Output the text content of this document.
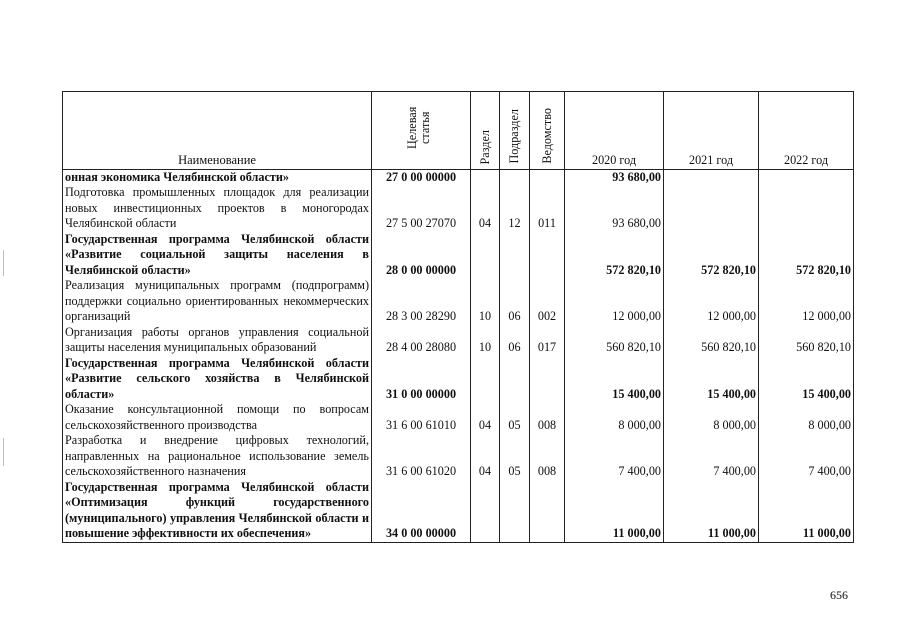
Наименование	Целевая статья	Раздел	Подраздел	Ведомство	2020 год	2021 год	2022 год
онная экономика Челябинской области»	27 0 00 00000				93 680,00		
Подготовка промышленных площадок для реализации новых инвестиционных проектов в моногородах Челябинской области	27 5 00 27070	04	12	011	93 680,00		
Государственная программа Челябинской области «Развитие социальной защиты населения в Челябинской области»	28 0 00 00000				572 820,10	572 820,10	572 820,10
Реализация муниципальных программ (подпрограмм) поддержки социально ориентированных некоммерческих организаций	28 3 00 28290	10	06	002	12 000,00	12 000,00	12 000,00
Организация работы органов управления социальной защиты населения муниципальных образований	28 4 00 28080	10	06	017	560 820,10	560 820,10	560 820,10
Государственная программа Челябинской области «Развитие сельского хозяйства в Челябинской области»	31 0 00 00000				15 400,00	15 400,00	15 400,00
Оказание консультационной помощи по вопросам сельскохозяйственного производства	31 6 00 61010	04	05	008	8 000,00	8 000,00	8 000,00
Разработка и внедрение цифровых технологий, направленных на рациональное использование земель сельскохозяйственного назначения	31 6 00 61020	04	05	008	7 400,00	7 400,00	7 400,00
Государственная программа Челябинской области «Оптимизация функций государственного (муниципального) управления Челябинской области и повышение эффективности их обеспечения»	34 0 00 00000				11 000,00	11 000,00	11 000,00
656
